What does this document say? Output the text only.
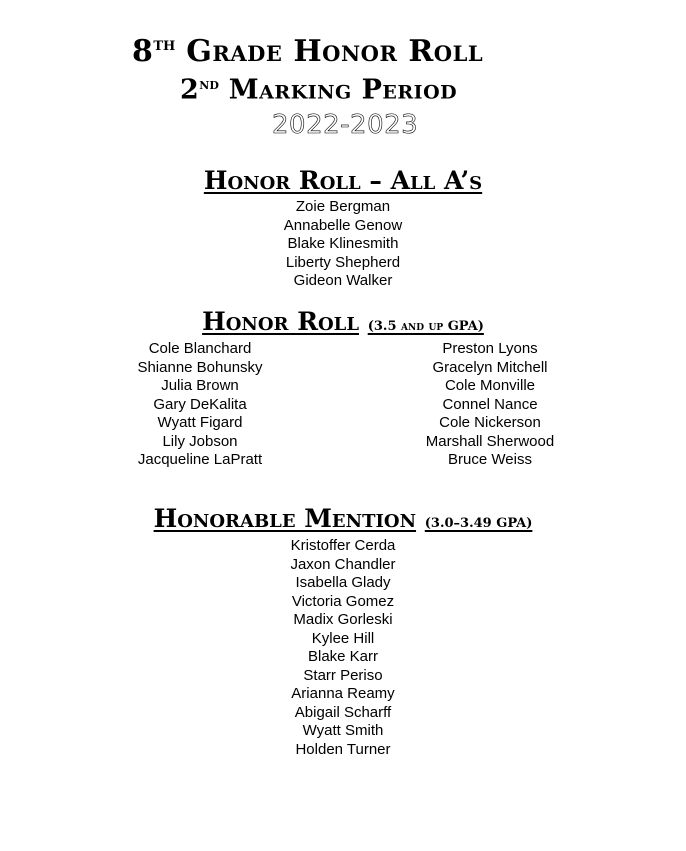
8th Grade Honor Roll
2nd Marking Period
2022-2023
Honor Roll – All A’s
Zoie Bergman
Annabelle Genow
Blake Klinesmith
Liberty Shepherd
Gideon Walker
Honor Roll (3.5 and up GPA)
Cole Blanchard
Shianne Bohunsky
Julia Brown
Gary DeKalita
Wyatt Figard
Lily Jobson
Jacqueline LaPratt
Preston Lyons
Gracelyn Mitchell
Cole Monville
Connel Nance
Cole Nickerson
Marshall Sherwood
Bruce Weiss
Honorable Mention (3.0–3.49 GPA)
Kristoffer Cerda
Jaxon Chandler
Isabella Glady
Victoria Gomez
Madix Gorleski
Kylee Hill
Blake Karr
Starr Periso
Arianna Reamy
Abigail Scharff
Wyatt Smith
Holden Turner
